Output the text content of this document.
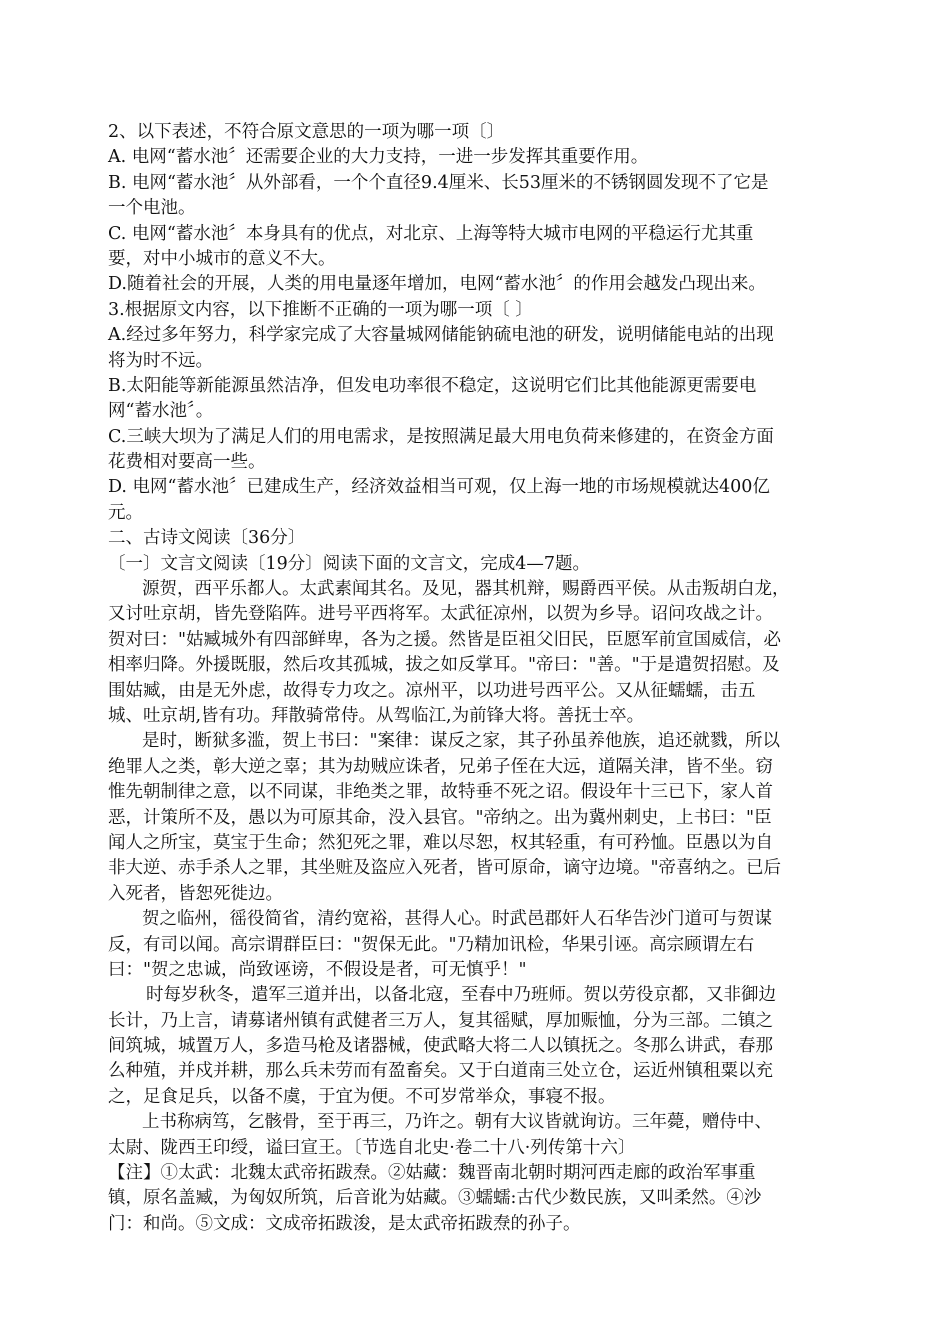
2、以下表述，不符合原文意思的一项为哪一项〔〕
A. 电网“蓄水池〞还需要企业的大力支持，一进一步发挥其重要作用。
B. 电网“蓄水池〞从外部看，一个个直径9.4厘米、长53厘米的不锈钢圆发现不了它是
一个电池。
C. 电网“蓄水池〞本身具有的优点，对北京、上海等特大城市电网的平稳运行尤其重
要，对中小城市的意义不大。
D.随着社会的开展，人类的用电量逐年增加，电网“蓄水池〞的作用会越发凸现出来。
3.根据原文内容，以下推断不正确的一项为哪一项〔 〕
A.经过多年努力，科学家完成了大容量城网储能钠硫电池的研发，说明储能电站的出现
将为时不远。
B.太阳能等新能源虽然洁净，但发电功率很不稳定，这说明它们比其他能源更需要电
网“蓄水池〞。
C.三峡大坝为了满足人们的用电需求，是按照满足最大用电负荷来修建的，在资金方面
花费相对要高一些。
D. 电网“蓄水池〞已建成生产，经济效益相当可观，仅上海一地的市场规模就达400亿
元。
二、古诗文阅读〔36分〕
〔一〕文言文阅读〔19分〕阅读下面的文言文，完成4—7题。
源贺，西平乐都人。太武素闻其名。及见，器其机辩，赐爵西平侯。从击叛胡白龙，
又讨吐京胡，皆先登陷阵。进号平西将军。太武征凉州，以贺为乡导。诏问攻战之计。
贺对曰："姑臧城外有四部鲜卑，各为之援。然皆是臣祖父旧民，臣愿军前宣国威信，必
相率归降。外援既服，然后攻其孤城，拔之如反掌耳。"帝曰："善。"于是遣贺招慰。及
围姑臧，由是无外虑，故得专力攻之。凉州平，以功进号西平公。又从征蠕蠕，击五
城、吐京胡,皆有功。拜散骑常侍。从驾临江,为前锋大将。善抚士卒。
是时，断狱多滥，贺上书曰："案律：谋反之家，其子孙虽养他族，追还就戮，所以
绝罪人之类，彰大逆之辜；其为劫贼应诛者，兄弟子侄在大远，道隔关津，皆不坐。窃
惟先朝制律之意，以不同谋，非绝类之罪，故特垂不死之诏。假设年十三已下，家人首
恶，计策所不及，愚以为可原其命，没入县官。"帝纳之。出为冀州刺史，上书曰："臣
闻人之所宝，莫宝于生命；然犯死之罪，难以尽恕，权其轻重，有可矜恤。臣愚以为自
非大逆、赤手杀人之罪，其坐赃及盗应入死者，皆可原命，谪守边境。"帝喜纳之。已后
入死者，皆恕死徙边。
贺之临州，徭役简省，清约宽裕，甚得人心。时武邑郡奸人石华告沙门道可与贺谋
反，有司以闻。高宗谓群臣曰："贺保无此。"乃精加讯检，华果引诬。高宗顾谓左右
曰："贺之忠诚，尚致诬谤，不假设是者，可无慎乎！"
时每岁秋冬，遣军三道并出，以备北寇，至春中乃班师。贺以劳役京都，又非御边
长计，乃上言，请募诸州镇有武健者三万人，复其徭赋，厚加赈恤，分为三部。二镇之
间筑城，城置万人，多造马枪及诸器械，使武略大将二人以镇抚之。冬那么讲武，春那
么种殖，并戍并耕，那么兵未劳而有盈畜矣。又于白道南三处立仓，运近州镇租粟以充
之，足食足兵，以备不虞，于宜为便。不可岁常举众，事寝不报。
上书称病笃，乞骸骨，至于再三，乃许之。朝有大议皆就询访。三年薨，赠侍中、
太尉、陇西王印绶，谥曰宣王。〔节选自北史·卷二十八·列传第十六〕
【注】①太武：北魏太武帝拓跋焘。②姑藏：魏晋南北朝时期河西走廊的政治军事重
镇，原名盖臧，为匈奴所筑，后音讹为姑藏。③蠕蠕:古代少数民族，又叫柔然。④沙
门：和尚。⑤文成：文成帝拓跋浚，是太武帝拓跋焘的孙子。
